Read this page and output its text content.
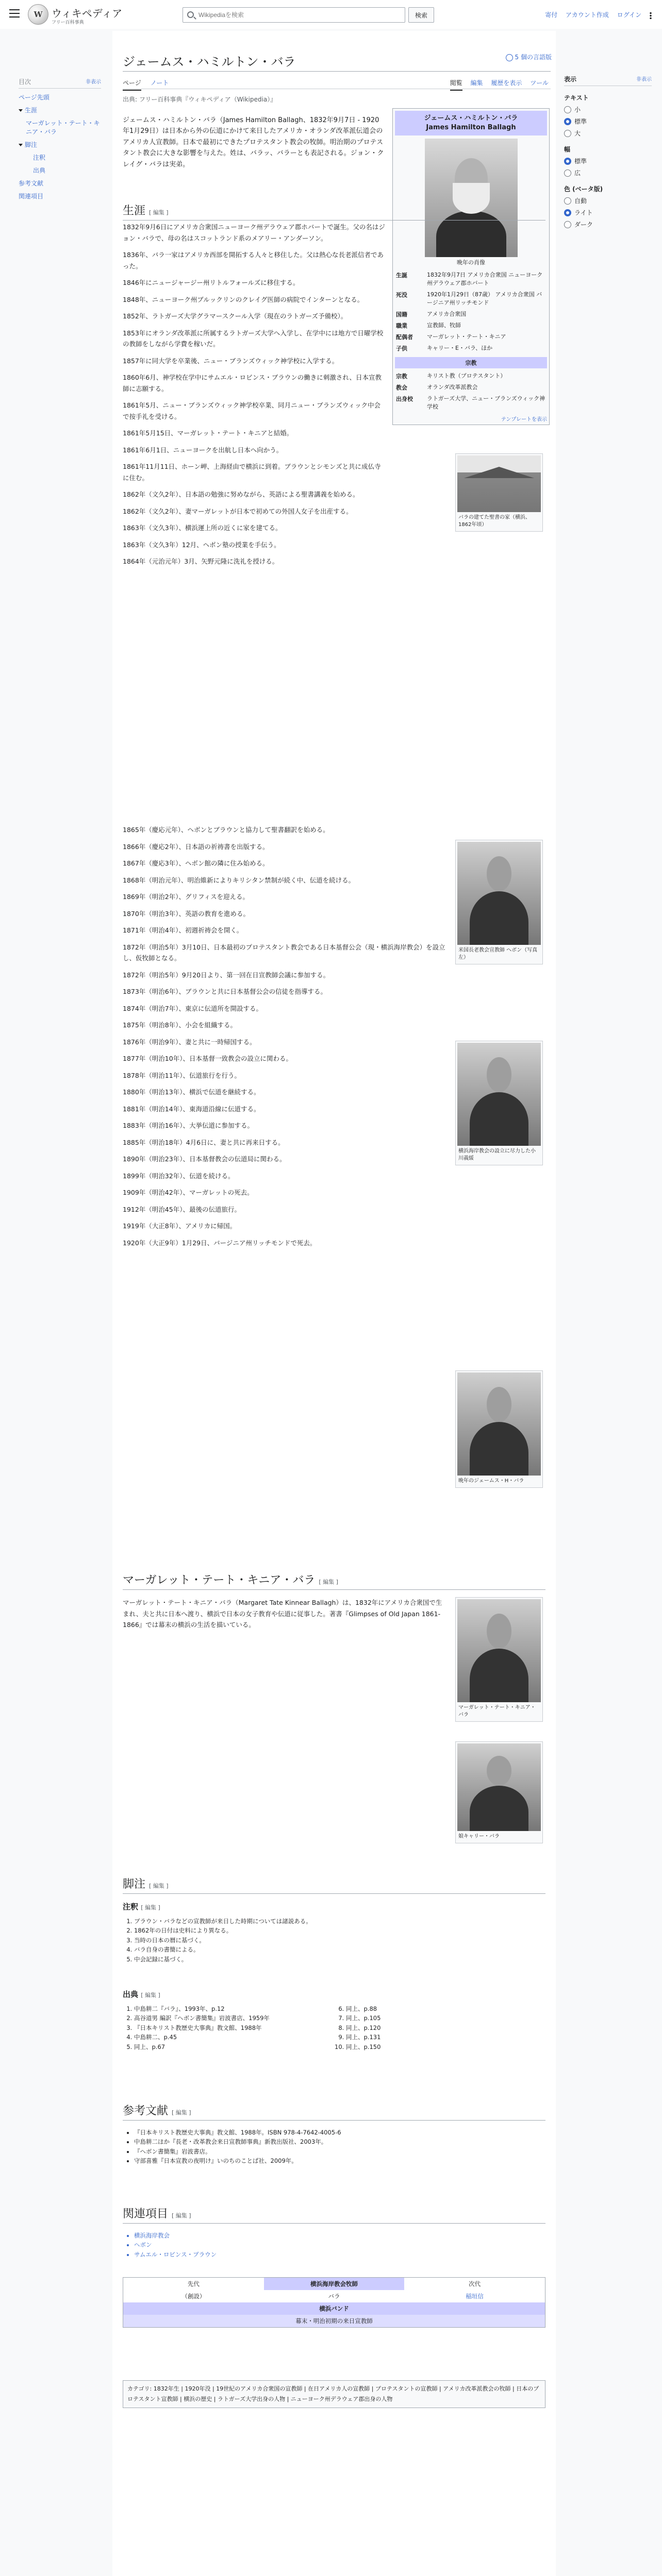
W ウィキペディア
フリー百科事典
Wikipediaを検索
検索	寄付 アカウント作成 ログイン
目次	非表示
ページ先頭
生涯
マーガレット・テート・キニア・バラ
脚注
注釈
出典
参考文献
関連項目
表示	非表示
テキスト
小
標準
大
幅
標準
広
色 (ベータ版)
自動
ライト
ダーク
5 個の言語版
ジェームス・ハミルトン・バラ
ページ ノート	閲覧 編集 履歴を表示 ツール
出典: フリー百科事典『ウィキペディア（Wikipedia）』

ジェームス・ハミルトン・バラ（James Hamilton Ballagh、1832年9月7日 - 1920年1月29日）は日本から外の伝道にかけて来日したアメリカ・オランダ改革派伝道会のアメリカ人宣教師。日本で最初にできたプロテスタント教会の牧師。明治期のプロテスタント教会に大きな影響を与えた。姓は、バラッ、バラーとも表記される。ジョン・クレイグ・バラは実弟。

ジェームス・ハミルトン・バラ
James Hamilton Ballagh
晩年の肖像
生誕	1832年9月7日 アメリカ合衆国 ニューヨーク州デラウェア郡ホバート
死没	1920年1月29日（87歳） アメリカ合衆国 バージニア州リッチモンド
国籍	アメリカ合衆国
職業	宣教師、牧師
配偶者	マーガレット・テート・キニア
子供	キャリー・E・バラ、ほか
宗教
宗教	キリスト教（プロテスタント）
教会	オランダ改革派教会
出身校	ラトガーズ大学、ニュー・ブランズウィック神学校
テンプレートを表示
生涯 [ 編集 ]

1832年9月6日にアメリカ合衆国ニューヨーク州デラウェア郡ホバートで誕生。父の名はジョン・バラで、母の名はスコットランド系のメアリー・アンダーソン。

1836年、バラ一家はアメリカ西部を開拓する人々と移住した。父は熱心な長老派信者であった。

1846年にニュージャージー州リトルフォールズに移住する。

1848年、ニューヨーク州ブルックリンのクレイグ医師の病院でインターンとなる。

1852年、ラトガーズ大学グラマースクール入学（現在のラトガーズ予備校）。

1853年にオランダ改革派に所属するラトガーズ大学へ入学し、在学中には地方で日曜学校の教師をしながら学費を稼いだ。

1857年に同大学を卒業後、ニュー・ブランズウィック神学校に入学する。

1860年6月、神学校在学中にサムエル・ロビンス・ブラウンの働きに刺激され、日本宣教師に志願する。

1861年5月、ニュー・ブランズウィック神学校卒業、同月ニュー・ブランズウィック中会で按手礼を受ける。

1861年5月15日、マーガレット・テート・キニアと結婚。

1861年6月1日、ニューヨークを出航し日本へ向かう。

1861年11月11日、ホーン岬、上海経由で横浜に到着。ブラウンとシモンズと共に成仏寺に住む。

1862年（文久2年）、日本語の勉強に努めながら、英語による聖書講義を始める。

1862年（文久2年）、妻マーガレットが日本で初めての外国人女子を出産する。

1863年（文久3年）、横浜運上所の近くに家を建てる。

1863年（文久3年）12月、ヘボン塾の授業を手伝う。

1864年（元治元年）3月、矢野元隆に洗礼を授ける。

バラの建てた聖書の家（横浜、1862年頃）

1865年（慶応元年）、ヘボンとブラウンと協力して聖書翻訳を始める。

1866年（慶応2年）、日本語の祈祷書を出版する。

1867年（慶応3年）、ヘボン館の隣に住み始める。

1868年（明治元年）、明治維新によりキリシタン禁制が続く中、伝道を続ける。

1869年（明治2年）、グリフィスを迎える。

1870年（明治3年）、英語の教育を進める。

1871年（明治4年）、初週祈祷会を開く。

1872年（明治5年）3月10日、日本最初のプロテスタント教会である日本基督公会（現・横浜海岸教会）を設立し、仮牧師となる。

1872年（明治5年）9月20日より、第一回在日宣教師会議に参加する。

1873年（明治6年）、ブラウンと共に日本基督公会の信徒を指導する。

1874年（明治7年）、東京に伝道所を開設する。

1875年（明治8年）、小会を組織する。

1876年（明治9年）、妻と共に一時帰国する。

1877年（明治10年）、日本基督一致教会の設立に関わる。

1878年（明治11年）、伝道旅行を行う。

1880年（明治13年）、横浜で伝道を継続する。

1881年（明治14年）、東海道沿線に伝道する。

1883年（明治16年）、大挙伝道に参加する。

1885年（明治18年）4月6日に、妻と共に再来日する。

1890年（明治23年）、日本基督教会の伝道局に関わる。

1899年（明治32年）、伝道を続ける。

1909年（明治42年）、マーガレットの死去。

1912年（明治45年）、最後の伝道旅行。

1919年（大正8年）、アメリカに帰国。

1920年（大正9年）1月29日、バージニア州リッチモンドで死去。

米国長老教会宣教師 ヘボン（写真左）
横浜海岸教会の設立に尽力した小川義綏
晩年のジェームス・H・バラ
マーガレット・テート・キニア・バラ [ 編集 ]

マーガレット・テート・キニア・バラ（Margaret Tate Kinnear Ballagh）は、1832年にアメリカ合衆国で生まれ、夫と共に日本へ渡り、横浜で日本の女子教育や伝道に従事した。著書『Glimpses of Old Japan 1861-1866』では幕末の横浜の生活を描いている。

マーガレット・テート・キニア・バラ
娘キャリー・バラ
脚注 [ 編集 ]
注釈 [ 編集 ]
1. ブラウン・バラなどの宣教師が来日した時期については諸説ある。
2. 1862年の日付は史料により異なる。
3. 当時の日本の暦に基づく。
4. バラ自身の書簡による。
5. 中会記録に基づく。
出典 [ 編集 ]
1. 中島耕二『バラ』、1993年、p.12
2. 高谷道男 編訳『ヘボン書簡集』岩波書店、1959年
3. 『日本キリスト教歴史大事典』教文館、1988年
4. 中島耕二、p.45
5. 同上、p.67
6. 同上、p.88
7. 同上、p.105
8. 同上、p.120
9. 同上、p.131
10. 同上、p.150
参考文献 [ 編集 ]
• 『日本キリスト教歴史大事典』教文館、1988年。ISBN 978-4-7642-4005-6
• 中島耕二ほか『長老・改革教会来日宣教師事典』新教出版社、2003年。
• 『ヘボン書簡集』岩波書店。
• 守部喜雅『日本宣教の夜明け』いのちのことば社、2009年。
関連項目 [ 編集 ]
• 横浜海岸教会
• ヘボン
• サムエル・ロビンス・ブラウン
先代	横浜海岸教会牧師	次代
（創設）	バラ	稲垣信
横浜バンド
幕末・明治初期の来日宣教師
カテゴリ: 1832年生 | 1920年没 | 19世紀のアメリカ合衆国の宣教師 | 在日アメリカ人の宣教師 | プロテスタントの宣教師 | アメリカ改革派教会の牧師 | 日本のプロテスタント宣教師 | 横浜の歴史 | ラトガーズ大学出身の人物 | ニューヨーク州デラウェア郡出身の人物
